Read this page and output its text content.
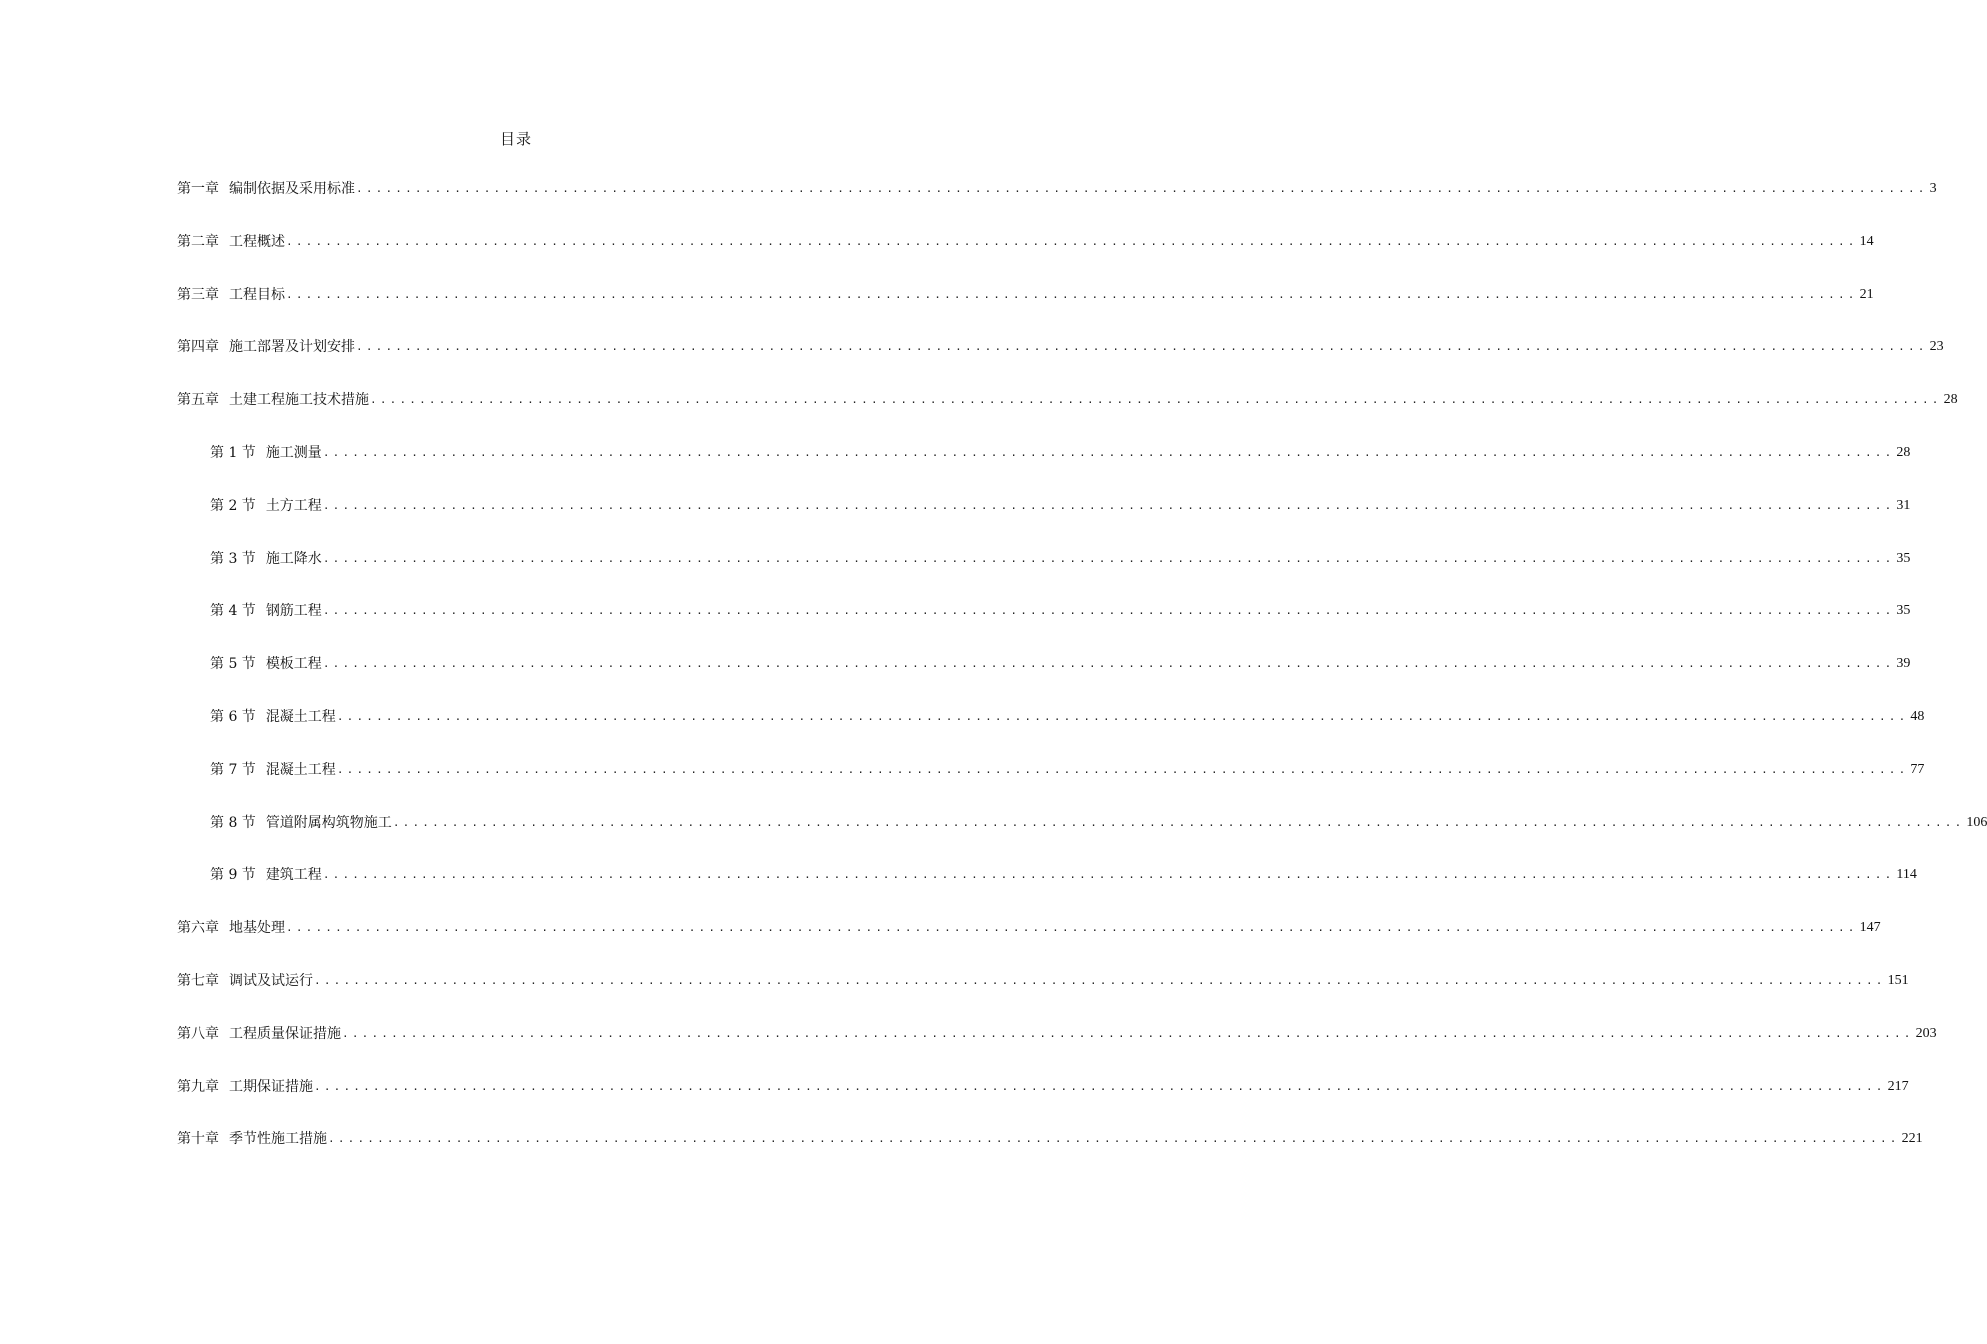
目录
第一章 编制依据及采用标准 ................................................................................................................................................................ 3
第二章 工程概述 ................................................................................................................................................................ 14
第三章 工程目标 ................................................................................................................................................................ 21
第四章 施工部署及计划安排 ................................................................................................................................................................ 23
第五章 土建工程施工技术措施 ................................................................................................................................................................ 28
第 1 节 施工测量 ................................................................................................................................................................ 28
第 2 节 土方工程 ................................................................................................................................................................ 31
第 3 节 施工降水 ................................................................................................................................................................ 35
第 4 节 钢筋工程 ................................................................................................................................................................ 35
第 5 节 模板工程 ................................................................................................................................................................ 39
第 6 节 混凝土工程 ................................................................................................................................................................ 48
第 7 节 混凝土工程 ................................................................................................................................................................ 77
第 8 节 管道附属构筑物施工 ................................................................................................................................................................ 106
第 9 节 建筑工程 ................................................................................................................................................................ 114
第六章 地基处理 ................................................................................................................................................................ 147
第七章 调试及试运行 ................................................................................................................................................................ 151
第八章 工程质量保证措施 ................................................................................................................................................................ 203
第九章 工期保证措施 ................................................................................................................................................................ 217
第十章 季节性施工措施 ................................................................................................................................................................ 221
